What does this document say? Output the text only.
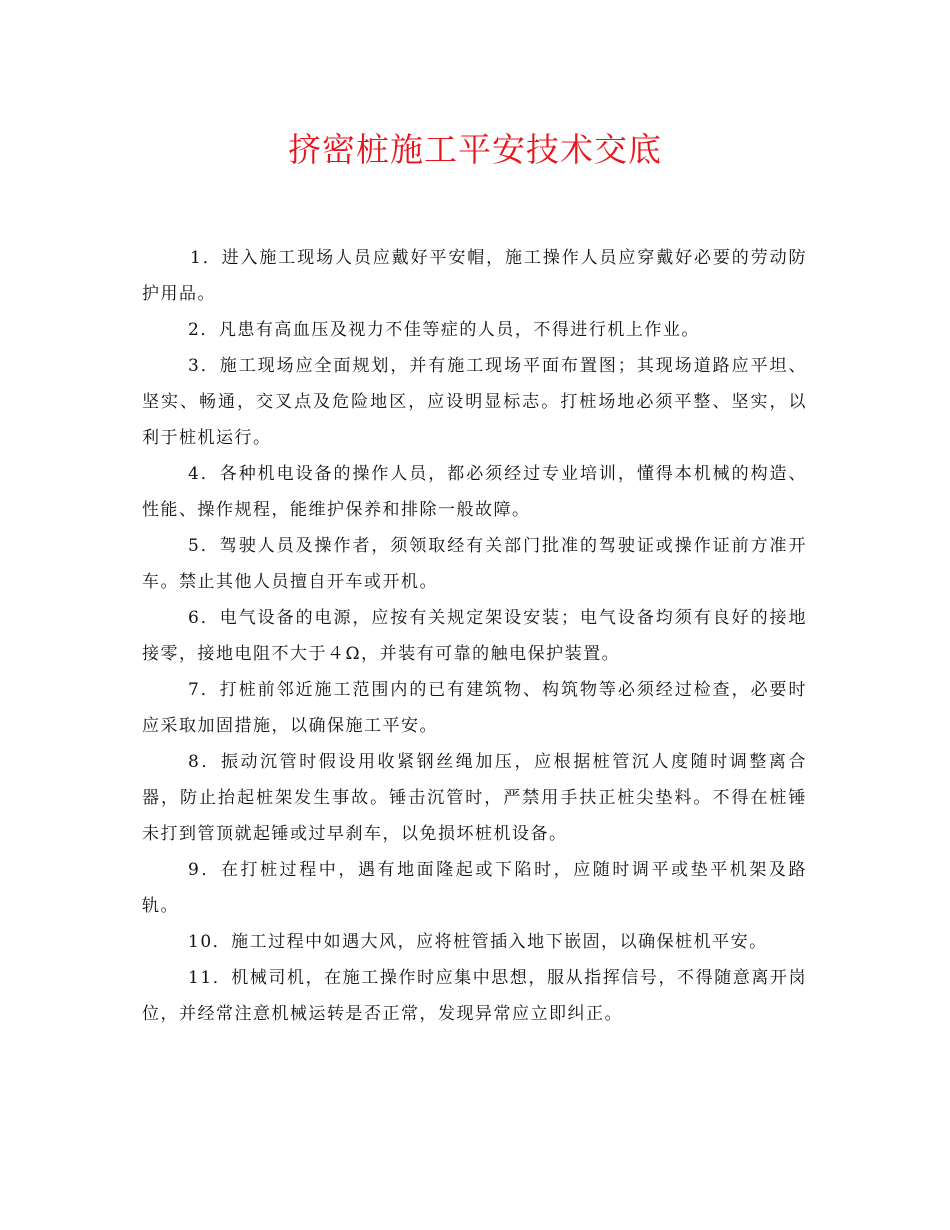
挤密桩施工平安技术交底

1．进入施工现场人员应戴好平安帽，施工操作人员应穿戴好必要的劳动防护用品。

2．凡患有高血压及视力不佳等症的人员，不得进行机上作业。

3．施工现场应全面规划，并有施工现场平面布置图；其现场道路应平坦、坚实、畅通，交叉点及危险地区，应设明显标志。打桩场地必须平整、坚实，以利于桩机运行。

4．各种机电设备的操作人员，都必须经过专业培训，懂得本机械的构造、性能、操作规程，能维护保养和排除一般故障。

5．驾驶人员及操作者，须领取经有关部门批准的驾驶证或操作证前方准开车。禁止其他人员擅自开车或开机。

6．电气设备的电源，应按有关规定架设安装；电气设备均须有良好的接地接零，接地电阻不大于４Ω，并装有可靠的触电保护装置。

7．打桩前邻近施工范围内的已有建筑物、构筑物等必须经过检查，必要时应采取加固措施，以确保施工平安。

8．振动沉管时假设用收紧钢丝绳加压，应根据桩管沉人度随时调整离合器，防止抬起桩架发生事故。锤击沉管时，严禁用手扶正桩尖垫料。不得在桩锤未打到管顶就起锤或过早刹车，以免损坏桩机设备。

9．在打桩过程中，遇有地面隆起或下陷时，应随时调平或垫平机架及路轨。

10．施工过程中如遇大风，应将桩管插入地下嵌固，以确保桩机平安。

11．机械司机，在施工操作时应集中思想，服从指挥信号，不得随意离开岗位，并经常注意机械运转是否正常，发现异常应立即纠正。
